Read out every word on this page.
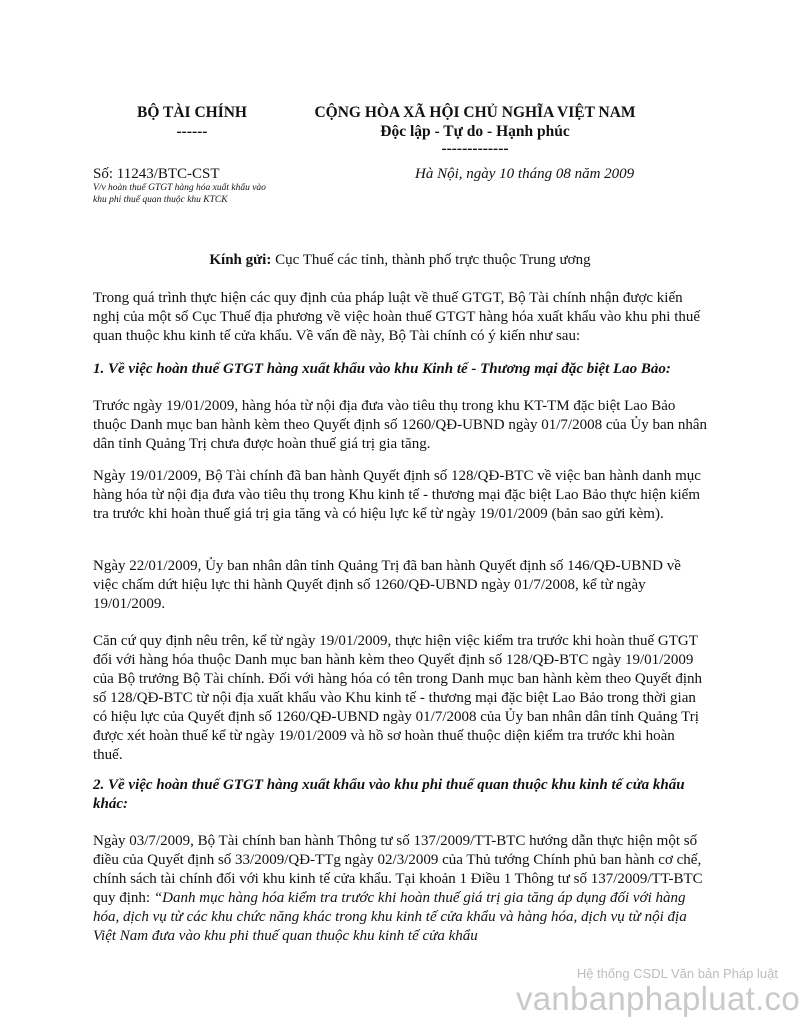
BỘ TÀI CHÍNH
------
CỘNG HÒA XÃ HỘI CHỦ NGHĨA VIỆT NAM
Độc lập - Tự do - Hạnh phúc
-------------
Số: 11243/BTC-CST
V/v hoàn thuế GTGT hàng hóa xuất khẩu vào
khu phi thuế quan thuộc khu KTCK
Hà Nội, ngày 10 tháng 08 năm 2009
Kính gửi: Cục Thuế các tỉnh, thành phố trực thuộc Trung ương
Trong quá trình thực hiện các quy định của pháp luật về thuế GTGT, Bộ Tài chính nhận được kiến nghị của một số Cục Thuế địa phương về việc hoàn thuế GTGT hàng hóa xuất khẩu vào khu phi thuế quan thuộc khu kinh tế cửa khẩu. Về vấn đề này, Bộ Tài chính có ý kiến như sau:
1. Về việc hoàn thuế GTGT hàng xuất khẩu vào khu Kinh tế - Thương mại đặc biệt Lao Bảo:
Trước ngày 19/01/2009, hàng hóa từ nội địa đưa vào tiêu thụ trong khu KT-TM đặc biệt Lao Bảo thuộc Danh mục ban hành kèm theo Quyết định số 1260/QĐ-UBND ngày 01/7/2008 của Ủy ban nhân dân tỉnh Quảng Trị chưa được hoàn thuế giá trị gia tăng.
Ngày 19/01/2009, Bộ Tài chính đã ban hành Quyết định số 128/QĐ-BTC về việc ban hành danh mục hàng hóa từ nội địa đưa vào tiêu thụ trong Khu kinh tế - thương mại đặc biệt Lao Bảo thực hiện kiểm tra trước khi hoàn thuế giá trị gia tăng và có hiệu lực kể từ ngày 19/01/2009 (bản sao gửi kèm).
Ngày 22/01/2009, Ủy ban nhân dân tỉnh Quảng Trị đã ban hành Quyết định số 146/QĐ-UBND về việc chấm dứt hiệu lực thi hành Quyết định số 1260/QĐ-UBND ngày 01/7/2008, kể từ ngày 19/01/2009.
Căn cứ quy định nêu trên, kể từ ngày 19/01/2009, thực hiện việc kiểm tra trước khi hoàn thuế GTGT đối với hàng hóa thuộc Danh mục ban hành kèm theo Quyết định số 128/QĐ-BTC ngày 19/01/2009 của Bộ trưởng Bộ Tài chính. Đối với hàng hóa có tên trong Danh mục ban hành kèm theo Quyết định số 128/QĐ-BTC từ nội địa xuất khẩu vào Khu kinh tế - thương mại đặc biệt Lao Bảo trong thời gian có hiệu lực của Quyết định số 1260/QĐ-UBND ngày 01/7/2008 của Ủy ban nhân dân tỉnh Quảng Trị được xét hoàn thuế kể từ ngày 19/01/2009 và hồ sơ hoàn thuế thuộc diện kiểm tra trước khi hoàn thuế.
2. Về việc hoàn thuế GTGT hàng xuất khẩu vào khu phi thuế quan thuộc khu kinh tế cửa khẩu khác:
Ngày 03/7/2009, Bộ Tài chính ban hành Thông tư số 137/2009/TT-BTC hướng dẫn thực hiện một số điều của Quyết định số 33/2009/QĐ-TTg ngày 02/3/2009 của Thủ tướng Chính phủ ban hành cơ chế, chính sách tài chính đối với khu kinh tế cửa khẩu. Tại khoản 1 Điều 1 Thông tư số 137/2009/TT-BTC quy định: “Danh mục hàng hóa kiểm tra trước khi hoàn thuế giá trị gia tăng áp dụng đối với hàng hóa, dịch vụ từ các khu chức năng khác trong khu kinh tế cửa khẩu và hàng hóa, dịch vụ từ nội địa Việt Nam đưa vào khu phi thuế quan thuộc khu kinh tế cửa khẩu
Hệ thống CSDL Văn bản Pháp luật
vanbanphapluat.co
